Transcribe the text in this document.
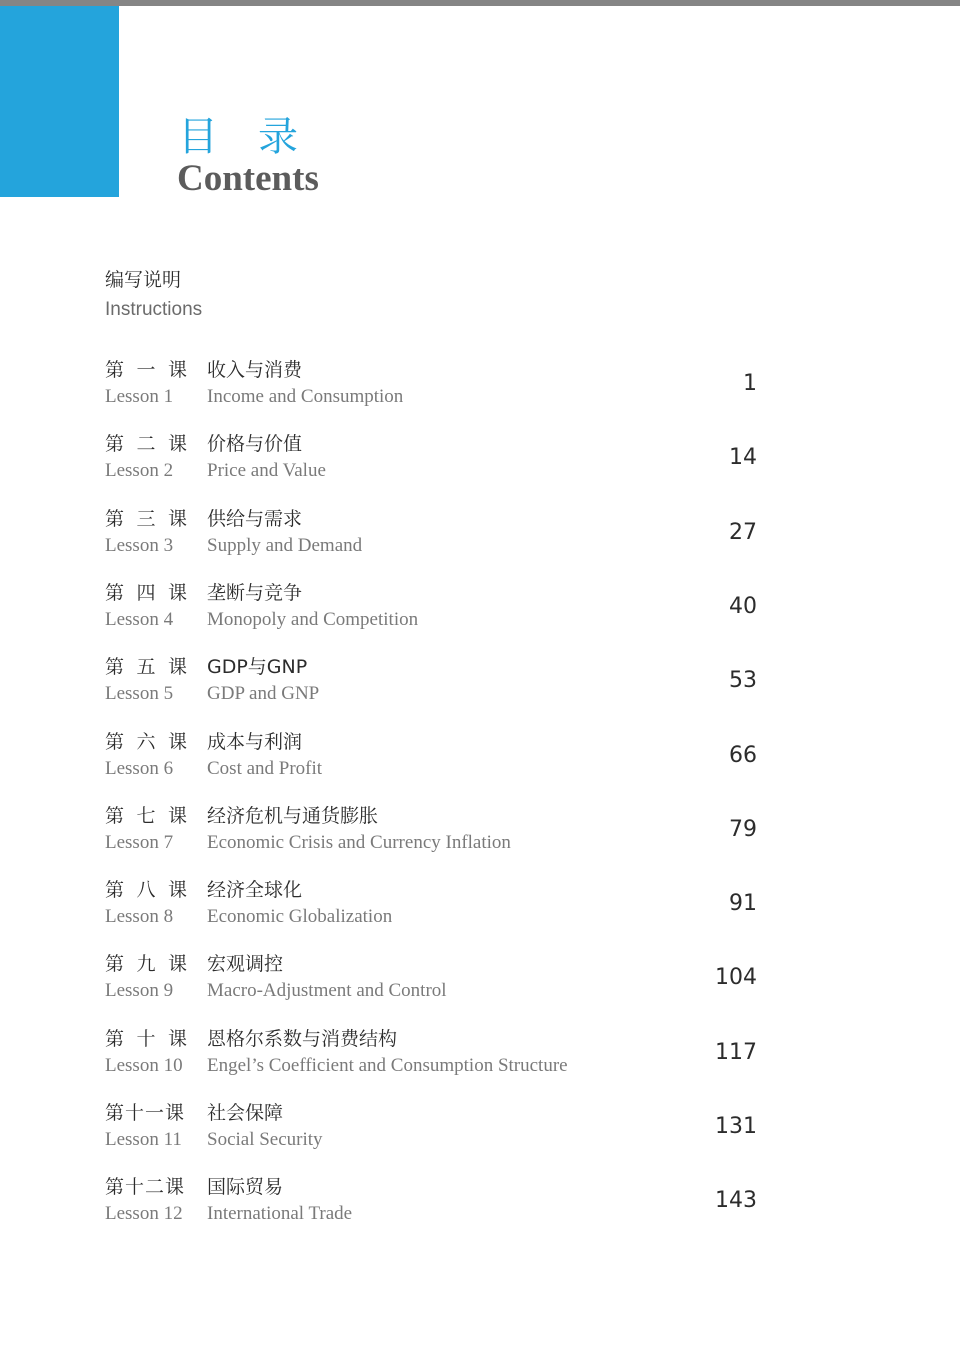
目录
Contents
编写说明
Instructions
第 一 课 收入与消费
Lesson 1 Income and Consumption
1
第 二 课 价格与价值
Lesson 2 Price and Value
14
第 三 课 供给与需求
Lesson 3 Supply and Demand
27
第 四 课 垄断与竞争
Lesson 4 Monopoly and Competition
40
第 五 课 GDP与GNP
Lesson 5 GDP and GNP
53
第 六 课 成本与利润
Lesson 6 Cost and Profit
66
第 七 课 经济危机与通货膨胀
Lesson 7 Economic Crisis and Currency Inflation
79
第 八 课 经济全球化
Lesson 8 Economic Globalization
91
第 九 课 宏观调控
Lesson 9 Macro-Adjustment and Control
104
第 十 课 恩格尔系数与消费结构
Lesson 10 Engel’s Coefficient and Consumption Structure
117
第十一课 社会保障
Lesson 11 Social Security
131
第十二课 国际贸易
Lesson 12 International Trade
143
